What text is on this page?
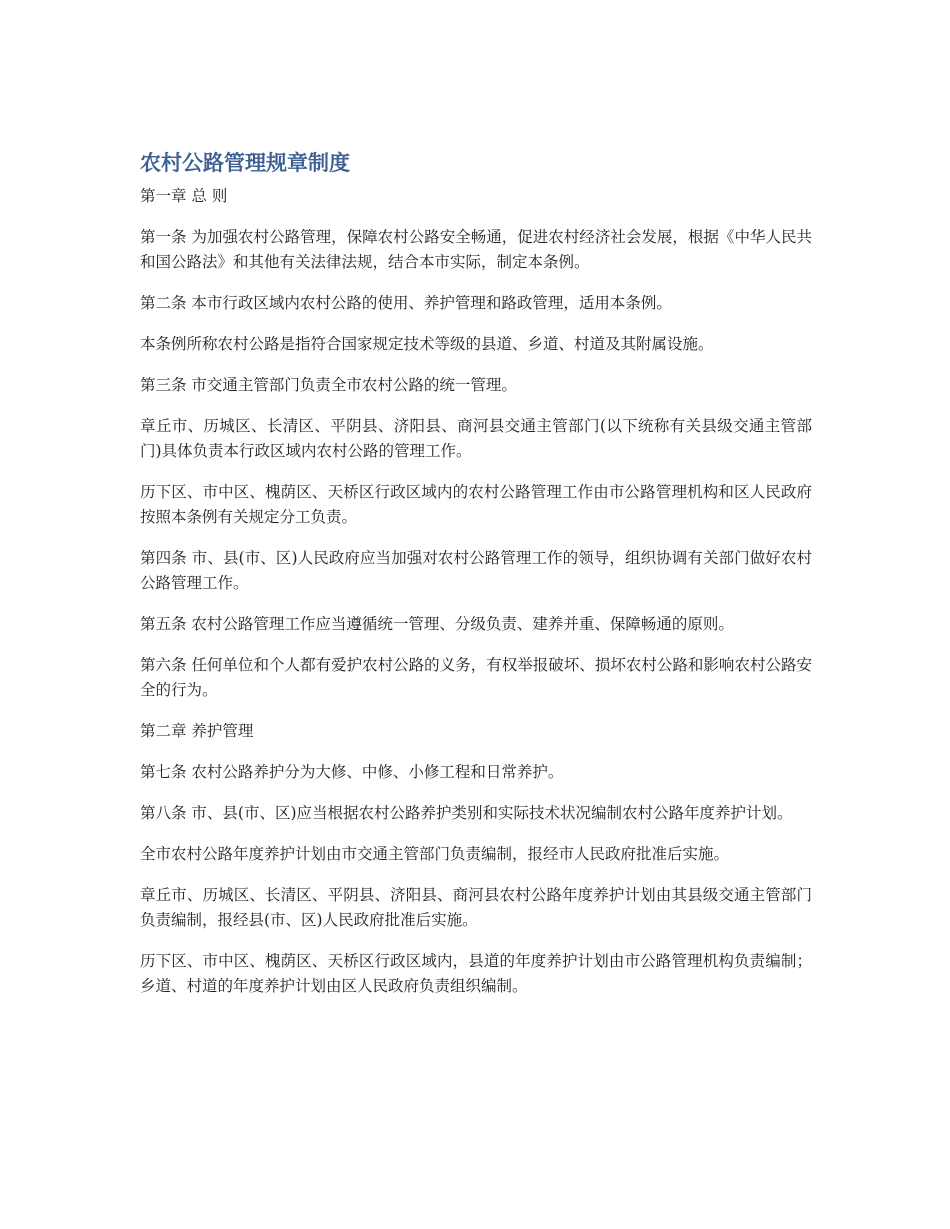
农村公路管理规章制度
第一章 总 则

第一条 为加强农村公路管理，保障农村公路安全畅通，促进农村经济社会发展，根据《中华人民共和国公路法》和其他有关法律法规，结合本市实际，制定本条例。

第二条 本市行政区域内农村公路的使用、养护管理和路政管理，适用本条例。

本条例所称农村公路是指符合国家规定技术等级的县道、乡道、村道及其附属设施。

第三条 市交通主管部门负责全市农村公路的统一管理。

章丘市、历城区、长清区、平阴县、济阳县、商河县交通主管部门(以下统称有关县级交通主管部门)具体负责本行政区域内农村公路的管理工作。

历下区、市中区、槐荫区、天桥区行政区域内的农村公路管理工作由市公路管理机构和区人民政府按照本条例有关规定分工负责。

第四条 市、县(市、区)人民政府应当加强对农村公路管理工作的领导，组织协调有关部门做好农村公路管理工作。

第五条 农村公路管理工作应当遵循统一管理、分级负责、建养并重、保障畅通的原则。

第六条 任何单位和个人都有爱护农村公路的义务，有权举报破坏、损坏农村公路和影响农村公路安全的行为。

第二章 养护管理

第七条 农村公路养护分为大修、中修、小修工程和日常养护。

第八条 市、县(市、区)应当根据农村公路养护类别和实际技术状况编制农村公路年度养护计划。

全市农村公路年度养护计划由市交通主管部门负责编制，报经市人民政府批准后实施。

章丘市、历城区、长清区、平阴县、济阳县、商河县农村公路年度养护计划由其县级交通主管部门负责编制，报经县(市、区)人民政府批准后实施。

历下区、市中区、槐荫区、天桥区行政区域内，县道的年度养护计划由市公路管理机构负责编制；乡道、村道的年度养护计划由区人民政府负责组织编制。
